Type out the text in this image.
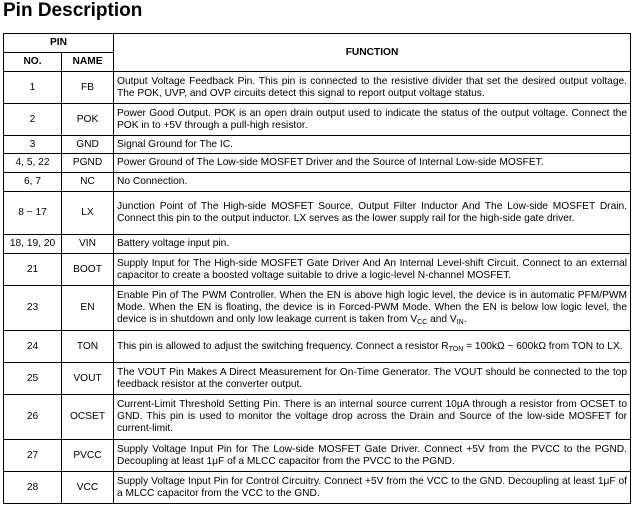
Pin Description
PIN		FUNCTION
NO.	NAME	
1	FB	Output Voltage Feedback Pin. This pin is connected to the resistive divider that set the desired output voltage. The POK, UVP, and OVP circuits detect this signal to report output voltage status.
2	POK	Power Good Output. POK is an open drain output used to indicate the status of the output voltage. Connect the POK in to +5V through a pull-high resistor.
3	GND	Signal Ground for The IC.
4, 5, 22	PGND	Power Ground of The Low-side MOSFET Driver and the Source of Internal Low-side MOSFET.
6, 7	NC	No Connection.
8 ~ 17	LX	Junction Point of The High-side MOSFET Source, Output Filter Inductor And The Low-side MOSFET Drain. Connect this pin to the output inductor. LX serves as the lower supply rail for the high-side gate driver.
18, 19, 20	VIN	Battery voltage input pin.
21	BOOT	Supply Input for The High-side MOSFET Gate Driver And An Internal Level-shift Circuit. Connect to an external capacitor to create a boosted voltage suitable to drive a logic-level N-channel MOSFET.
23	EN	Enable Pin of The PWM Controller. When the EN is above high logic level, the device is in automatic PFM/PWM Mode. When the EN is floating, the device is in Forced-PWM Mode. When the EN is below low logic level, the device is in shutdown and only low leakage current is taken from $V_{CC}$ and $V_{IN}$.
24	TON	This pin is allowed to adjust the switching frequency. Connect a resistor $R_{TON} = 100k\Omega$ ~ 600kΩ from TON to LX.
25	VOUT	The VOUT Pin Makes A Direct Measurement for On-Time Generator. The VOUT should be connected to the top feedback resistor at the converter output.
26	OCSET	Current-Limit Threshold Setting Pin. There is an internal source current 10μA through a resistor from OCSET to GND. This pin is used to monitor the voltage drop across the Drain and Source of the low-side MOSFET for current-limit.
27	PVCC	Supply Voltage Input Pin for The Low-side MOSFET Gate Driver. Connect +5V from the PVCC to the PGND. Decoupling at least 1μF of a MLCC capacitor from the PVCC to the PGND.
28	VCC	Supply Voltage Input Pin for Control Circuitry. Connect +5V from the VCC to the GND. Decoupling at least 1μF of a MLCC capacitor from the VCC to the GND.
